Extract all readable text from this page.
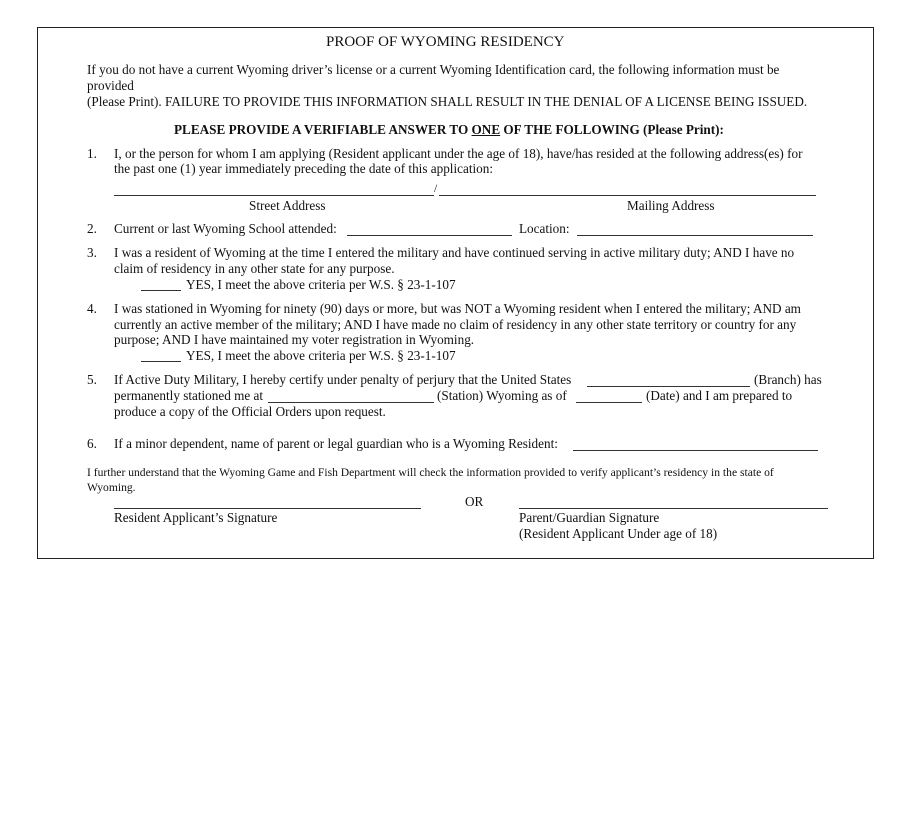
PROOF OF WYOMING RESIDENCY
If you do not have a current Wyoming driver’s license or a current Wyoming Identification card, the following information must be
provided
(Please Print). FAILURE TO PROVIDE THIS INFORMATION SHALL RESULT IN THE DENIAL OF A LICENSE BEING ISSUED.
PLEASE PROVIDE A VERIFIABLE ANSWER TO ONE OF THE FOLLOWING (Please Print):
1. I, or the person for whom I am applying (Resident applicant under the age of 18), have/has resided at the following address(es) for
the past one (1) year immediately preceding the date of this application:
/
Street Address	Mailing Address
2. Current or last Wyoming School attended:	Location:
3. I was a resident of Wyoming at the time I entered the military and have continued serving in active military duty; AND I have no
claim of residency in any other state for any purpose.
YES, I meet the above criteria per W.S. § 23-1-107
4. I was stationed in Wyoming for ninety (90) days or more, but was NOT a Wyoming resident when I entered the military; AND am
currently an active member of the military; AND I have made no claim of residency in any other state territory or country for any
purpose; AND I have maintained my voter registration in Wyoming.
YES, I meet the above criteria per W.S. § 23-1-107
5. If Active Duty Military, I hereby certify under penalty of perjury that the United States	(Branch) has
permanently stationed me at	(Station) Wyoming as of	(Date) and I am prepared to
produce a copy of the Official Orders upon request.
6. If a minor dependent, name of parent or legal guardian who is a Wyoming Resident:
I further understand that the Wyoming Game and Fish Department will check the information provided to verify applicant’s residency in the state of
Wyoming.
OR
Resident Applicant’s Signature	Parent/Guardian Signature
(Resident Applicant Under age of 18)
